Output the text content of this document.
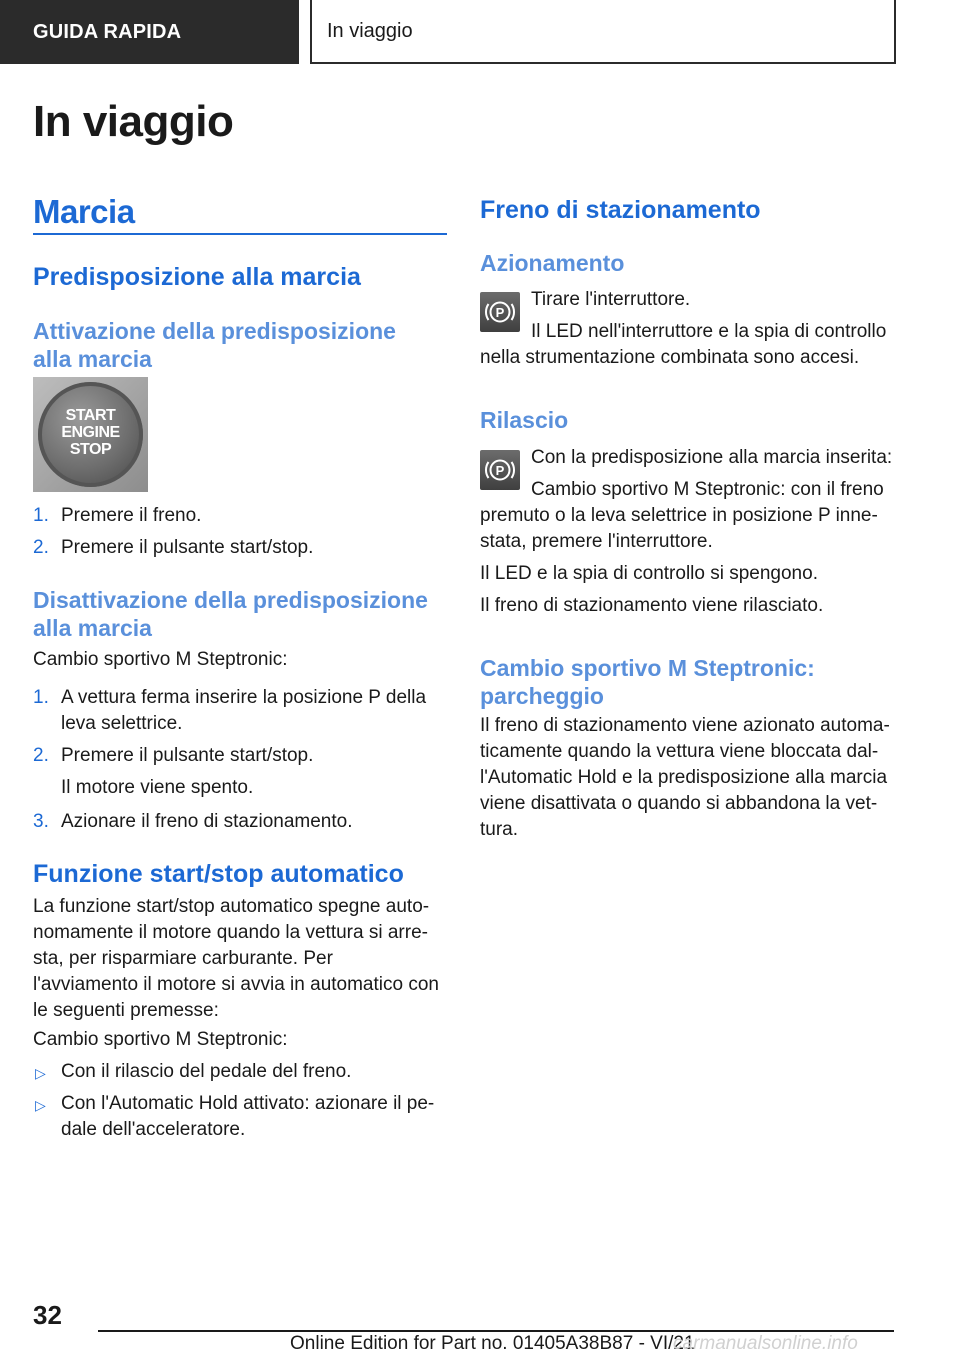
GUIDA RAPIDA	In viaggio
In viaggio
Marcia
Predisposizione alla marcia
Attivazione della predisposizione alla marcia
START ENGINE STOP
1. Premere il freno.

2. Premere il pulsante start/stop.

Disattivazione della predisposizione alla marcia

Cambio sportivo M Steptronic:

1. A vettura ferma inserire la posizione P della leva selettrice.

2. Premere il pulsante start/stop.

Il motore viene spento.

3. Azionare il freno di stazionamento.

Funzione start/stop automatico

La funzione start/stop automatico spegne auto-nomamente il motore quando la vettura si arre-sta, per risparmiare carburante. Per l'avviamento il motore si avvia in automatico con le seguenti premesse:

Cambio sportivo M Steptronic:

▷ Con il rilascio del pedale del freno.

▷ Con l'Automatic Hold attivato: azionare il pe-dale dell'acceleratore.

Freno di stazionamento
Azionamento
P

Tirare l'interruttore.

Il LED nell'interruttore e la spia di controllo nella strumentazione combinata sono accesi.

Rilascio
P

Con la predisposizione alla marcia inserita:

Cambio sportivo M Steptronic: con il freno premuto o la leva selettrice in posizione P inne-stata, premere l'interruttore.

Il LED e la spia di controllo si spengono.

Il freno di stazionamento viene rilasciato.

Cambio sportivo M Steptronic: parcheggio

Il freno di stazionamento viene azionato automa-ticamente quando la vettura viene bloccata dal-l'Automatic Hold e la predisposizione alla marcia viene disattivata o quando si abbandona la vet-tura.

32
Online Edition for Part no. 01405A38B87 - VI/21
carmanualsonline.info
